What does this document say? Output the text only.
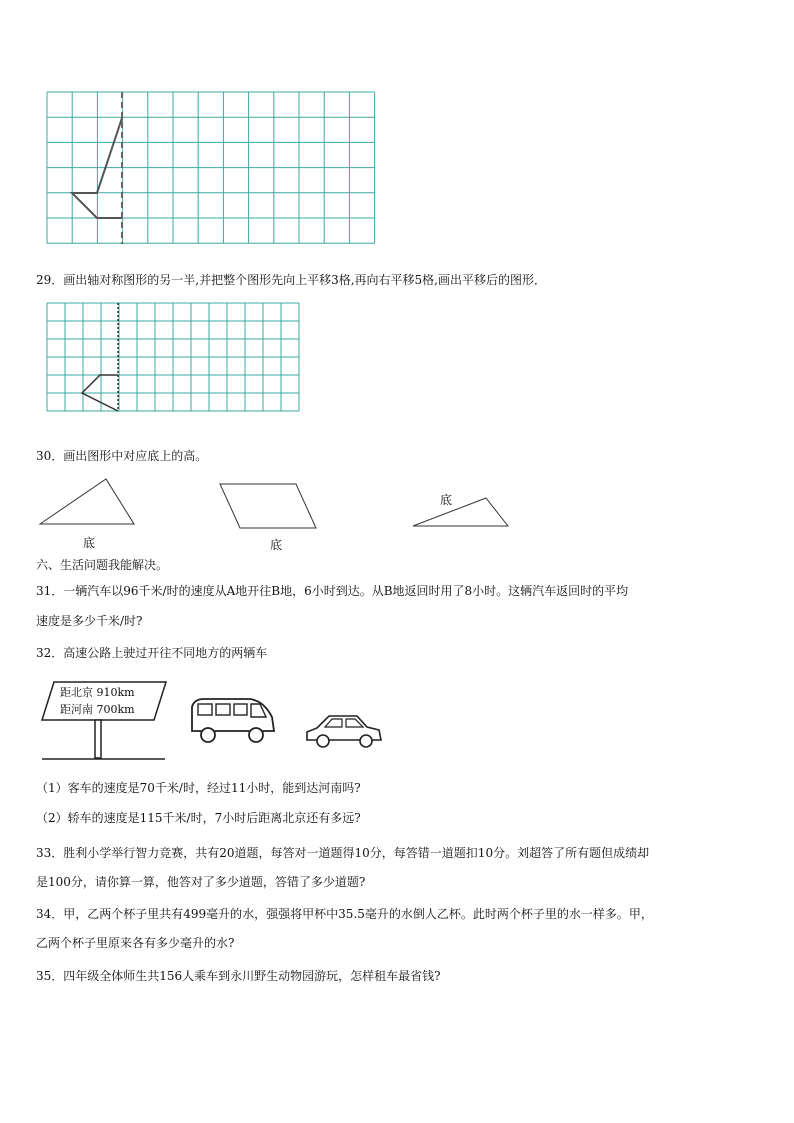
29．画出轴对称图形的另一半,并把整个图形先向上平移3格,再向右平移5格,画出平移后的图形．
30．画出图形中对应底上的高。
底	底
底
六、生活问题我能解决。
31．一辆汽车以96千米/时的速度从A地开往B地，6小时到达。从B地返回时用了8小时。这辆汽车返回时的平均
速度是多少千米/时?
32．高速公路上驶过开往不同地方的两辆车
距北京 910km
距河南 700km
（1）客车的速度是70千米/时，经过11小时，能到达河南吗?
（2）轿车的速度是115千米/时，7小时后距离北京还有多远?
33．胜利小学举行智力竞赛，共有20道题，每答对一道题得10分，每答错一道题扣10分。刘超答了所有题但成绩却
是100分，请你算一算，他答对了多少道题，答错了多少道题?
34．甲，乙两个杯子里共有499毫升的水，强强将甲杯中35.5毫升的水倒人乙杯。此时两个杯子里的水一样多。甲，
乙两个杯子里原来各有多少毫升的水?
35．四年级全体师生共156人乘车到永川野生动物园游玩，怎样租车最省钱?
